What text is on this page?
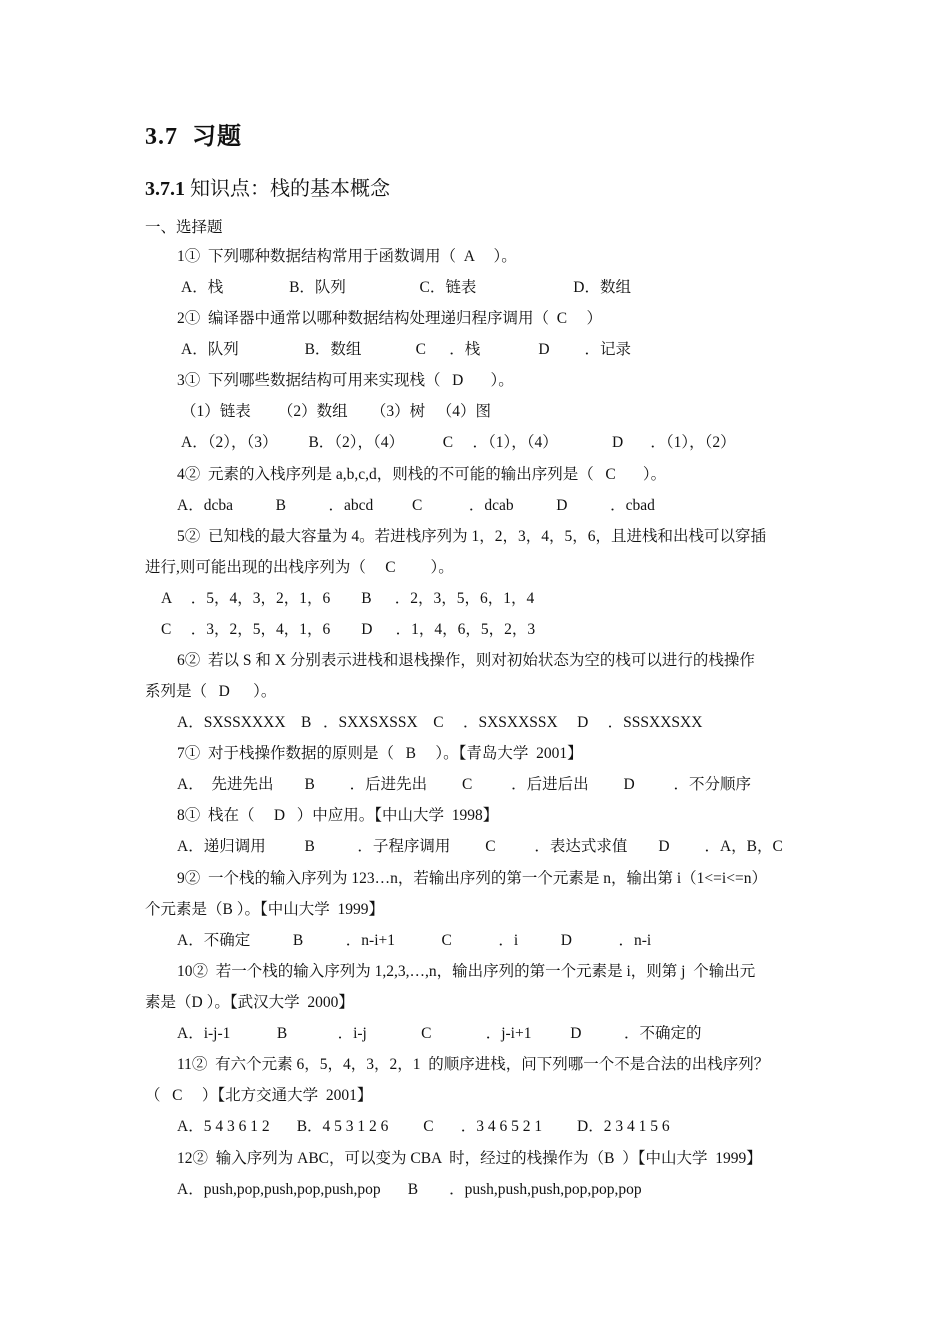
3.7 习题
3.7.1 知识点：栈的基本概念
一、选择题
1①  下列哪种数据结构常用于函数调用（  A     ）。
A．栈                 B．队列                   C．链表                         D．数组
2①  编译器中通常以哪种数据结构处理递归程序调用（  C     ）
A．队列                 B．数组              C      ．栈               D         ．记录
3①  下列哪些数据结构可用来实现栈（   D       ）。
（1）链表       （2）数组      （3）树   （4）图
A．（2），（3）        B．（2），（4）          C     ．（1），（4）              D       ．（1），（2）
4②  元素的入栈序列是 a,b,c,d，则栈的不可能的输出序列是（   C       ）。
A．dcba           B           ．abcd          C            ．dcab           D           ．cbad
5②  已知栈的最大容量为 4。若进栈序列为 1，2，3，4，5，6，且进栈和出栈可以穿插
进行,则可能出现的出栈序列为（     C         ）。
A     ．5，4，3，2，1，6        B      ．2，3，5，6，1，4
C     ．3，2，5，4，1，6        D      ．1，4，6，5，2，3
6②  若以 S 和 X 分别表示进栈和退栈操作，则对初始状态为空的栈可以进行的栈操作
系列是（   D      ）。
A．SXSSXXXX    B   ．SXXSXSSX    C     ．SXSXXSSX     D     ．SSSXXSXX
7①  对于栈操作数据的原则是（   B     ）。【青岛大学  2001】
A．  先进先出        B         ．后进先出         C          ．后进后出         D          ．不分顺序
8①  栈在（     D   ）中应用。【中山大学  1998】
A．递归调用          B           ．子程序调用         C          ．表达式求值        D         ．A，B，C
9②  一个栈的输入序列为 123…n，若输出序列的第一个元素是 n，输出第 i（1<=i<=n）
个元素是（B ）。【中山大学  1999】
A．不确定           B           ．n-i+1            C            ．i           D            ．n-i
10②  若一个栈的输入序列为 1,2,3,…,n，输出序列的第一个元素是 i，则第 j  个输出元
素是（D ）。【武汉大学  2000】
A．i-j-1            B             ．i-j              C              ．j-i+1          D           ．不确定的
11②  有六个元素 6，5，4，3，2，1  的顺序进栈，问下列哪一个不是合法的出栈序列？
（   C     ）【北方交通大学  2001】
A．5 4 3 6 1 2       B．4 5 3 1 2 6         C       ．3 4 6 5 2 1         D．2 3 4 1 5 6
12②  输入序列为 ABC，可以变为 CBA  时，经过的栈操作为（B  ）【中山大学  1999】
A．push,pop,push,pop,push,pop       B        ．push,push,push,pop,pop,pop
